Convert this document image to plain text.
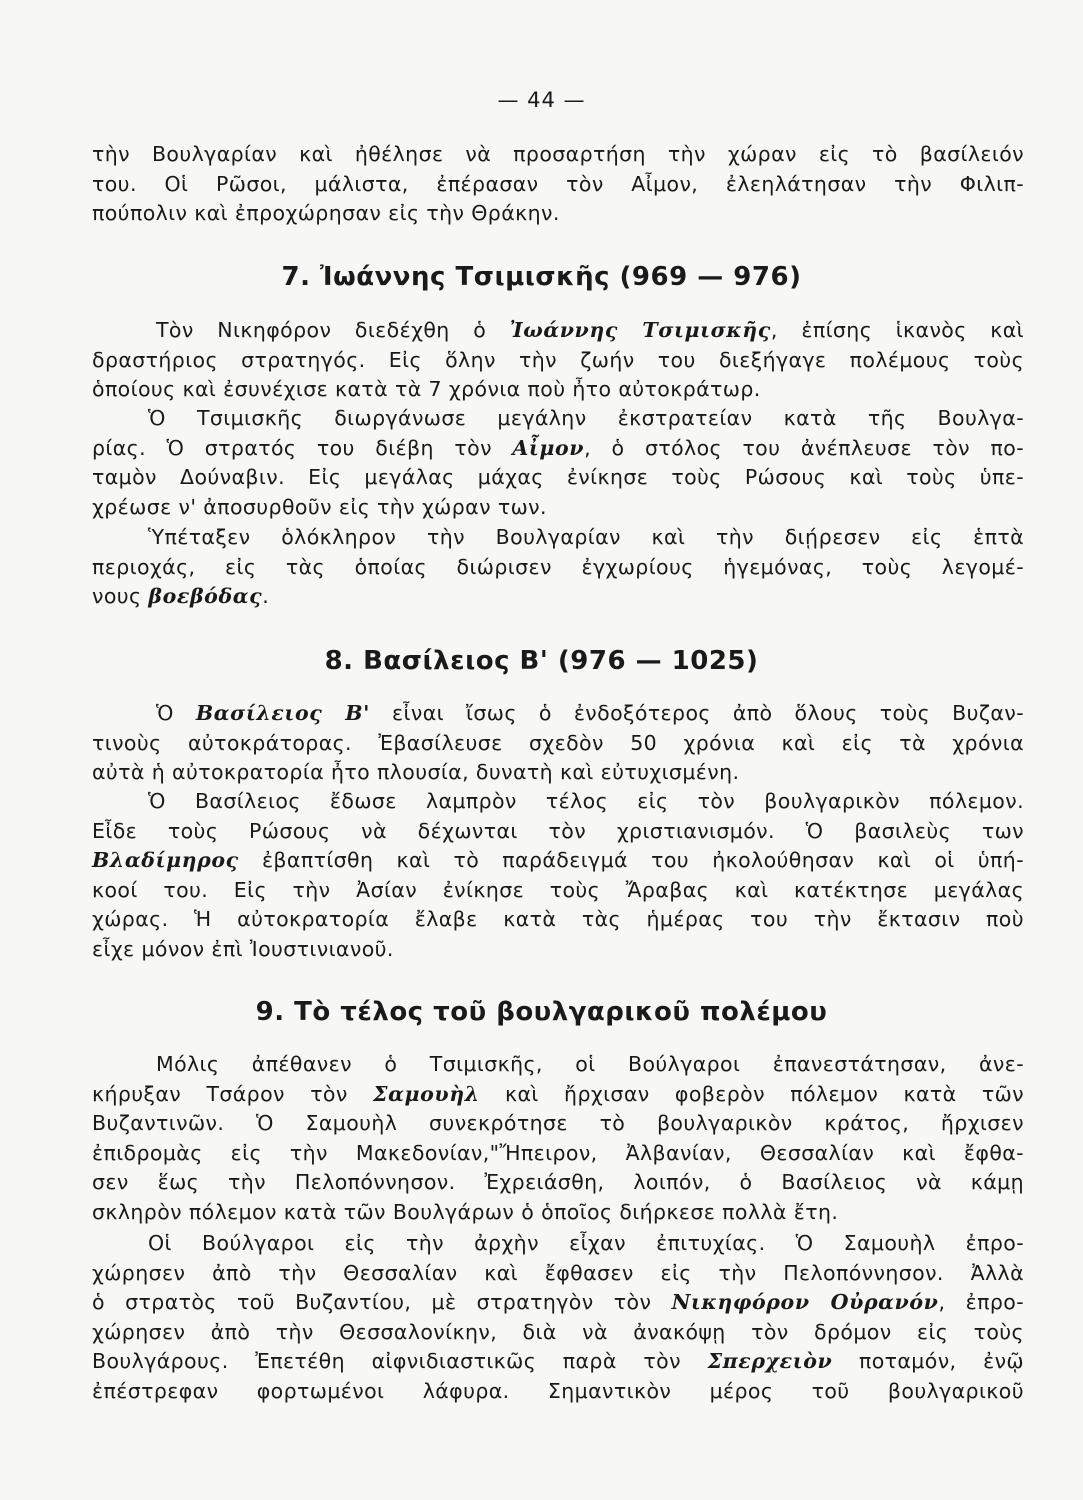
— 44 —
τὴν Βουλγαρίαν καὶ ἠθέλησε νὰ προσαρτήση τὴν χώραν εἰς τὸ βασίλειόν
του. Οἱ Ρῶσοι, μάλιστα, ἐπέρασαν τὸν Αἶμον, ἐλεηλάτησαν τὴν Φιλιπ-
πούπολιν καὶ ἐπροχώρησαν εἰς τὴν Θράκην.
7. Ἰωάννης Τσιμισκῆς (969 — 976)
Τὸν Νικηφόρον διεδέχθη ὁ Ἰωάννης Τσιμισκῆς, ἐπίσης ἱκανὸς καὶ
δραστήριος στρατηγός. Εἰς ὅλην τὴν ζωήν του διεξήγαγε πολέμους τοὺς
ὁποίους καὶ ἐσυνέχισε κατὰ τὰ 7 χρόνια ποὺ ἦτο αὐτοκράτωρ.
Ὁ Τσιμισκῆς διωργάνωσε μεγάλην ἐκστρατείαν κατὰ τῆς Βουλγα-
ρίας. Ὁ στρατός του διέβη τὸν Αἶμον, ὁ στόλος του ἀνέπλευσε τὸν πο-
ταμὸν Δούναβιν. Εἰς μεγάλας μάχας ἐνίκησε τοὺς Ρώσους καὶ τοὺς ὑπε-
χρέωσε ν' ἀποσυρθοῦν εἰς τὴν χώραν των.
Ὑπέταξεν ὁλόκληρον τὴν Βουλγαρίαν καὶ τὴν διῄρεσεν εἰς ἑπτὰ
περιοχάς, εἰς τὰς ὁποίας διώρισεν ἐγχωρίους ἡγεμόνας, τοὺς λεγομέ-
νους βοεβόδας.
8. Βασίλειος Β' (976 — 1025)
Ὁ Βασίλειος Β' εἶναι ἴσως ὁ ἐνδοξότερος ἀπὸ ὅλους τοὺς Βυζαν-
τινοὺς αὐτοκράτορας. Ἐβασίλευσε σχεδὸν 50 χρόνια καὶ εἰς τὰ χρόνια
αὐτὰ ἡ αὐτοκρατορία ἦτο πλουσία, δυνατὴ καὶ εὐτυχισμένη.
Ὁ Βασίλειος ἔδωσε λαμπρὸν τέλος εἰς τὸν βουλγαρικὸν πόλεμον.
Εἶδε τοὺς Ρώσους νὰ δέχωνται τὸν χριστιανισμόν. Ὁ βασιλεὺς των
Βλαδίμηρος ἐβαπτίσθη καὶ τὸ παράδειγμά του ἠκολούθησαν καὶ οἱ ὑπή-
κοοί του. Εἰς τὴν Ἀσίαν ἐνίκησε τοὺς Ἄραβας καὶ κατέκτησε μεγάλας
χώρας. Ἡ αὐτοκρατορία ἔλαβε κατὰ τὰς ἡμέρας του τὴν ἔκτασιν ποὺ
εἶχε μόνον ἐπὶ Ἰουστινιανοῦ.
9. Τὸ τέλος τοῦ βουλγαρικοῦ πολέμου
Μόλις ἀπέθανεν ὁ Τσιμισκῆς, οἱ Βούλγαροι ἐπανεστάτησαν, ἀνε-
κήρυξαν Τσάρον τὸν Σαμουὴλ καὶ ἤρχισαν φοβερὸν πόλεμον κατὰ τῶν
Βυζαντινῶν. Ὁ Σαμουὴλ συνεκρότησε τὸ βουλγαρικὸν κράτος, ἤρχισεν
ἐπιδρομὰς εἰς τὴν Μακεδονίαν,"Ἤπειρον, Ἀλβανίαν, Θεσσαλίαν καὶ ἔφθα-
σεν ἕως τὴν Πελοπόννησον. Ἐχρειάσθη, λοιπόν, ὁ Βασίλειος νὰ κάμῃ
σκληρὸν πόλεμον κατὰ τῶν Βουλγάρων ὁ ὁποῖος διήρκεσε πολλὰ ἔτη.
Οἱ Βούλγαροι εἰς τὴν ἀρχὴν εἶχαν ἐπιτυχίας. Ὁ Σαμουὴλ ἐπρο-
χώρησεν ἀπὸ τὴν Θεσσαλίαν καὶ ἔφθασεν εἰς τὴν Πελοπόννησον. Ἀλλὰ
ὁ στρατὸς τοῦ Βυζαντίου, μὲ στρατηγὸν τὸν Νικηφόρον Οὐρανόν, ἐπρο-
χώρησεν ἀπὸ τὴν Θεσσαλονίκην, διὰ νὰ ἀνακόψῃ τὸν δρόμον εἰς τοὺς
Βουλγάρους. Ἐπετέθη αἰφνιδιαστικῶς παρὰ τὸν Σπερχειὸν ποταμόν, ἐνῷ
ἐπέστρεφαν φορτωμένοι λάφυρα. Σημαντικὸν μέρος τοῦ βουλγαρικοῦ
